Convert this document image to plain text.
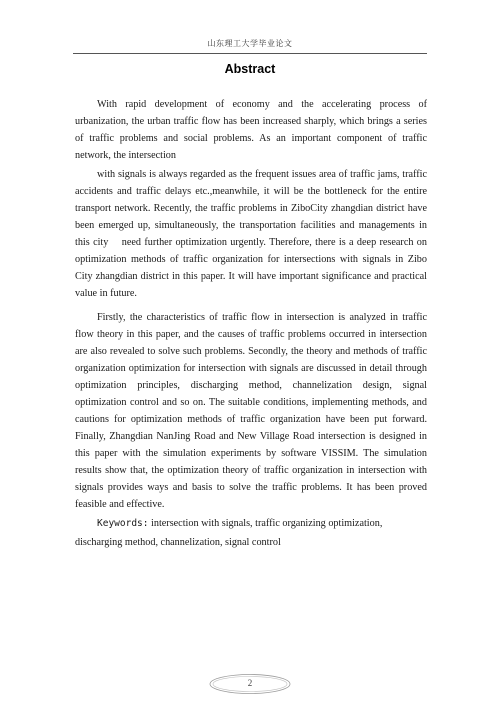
山东理工大学毕业论文
Abstract

With rapid development of economy and the accelerating process of urbanization, the urban traffic flow has been increased sharply, which brings a series of traffic problems and social problems. As an important component of traffic network, the intersection

with signals is always regarded as the frequent issues area of traffic jams, traffic accidents and traffic delays etc.,meanwhile, it will be the bottleneck for the entire transport network. Recently, the traffic problems in ZiboCity zhangdian district have been emerged up, simultaneously, the transportation facilities and managements in this city    need further optimization urgently. Therefore, there is a deep research on optimization methods of traffic organization for intersections with signals in Zibo City zhangdian district in this paper. It will have important significance and practical value in future.

Firstly, the characteristics of traffic flow in intersection is analyzed in traffic flow theory in this paper, and the causes of traffic problems occurred in intersection are also revealed to solve such problems. Secondly, the theory and methods of traffic organization optimization for intersection with signals are discussed in detail through optimization principles, discharging method, channelization design, signal optimization control and so on. The suitable conditions, implementing methods, and cautions for optimization methods of traffic organization have been put forward. Finally, Zhangdian NanJing Road and New Village Road intersection is designed in this paper with the simulation experiments by software VISSIM. The simulation results show that, the optimization theory of traffic organization in intersection with signals provides ways and basis to solve the traffic problems. It has been proved feasible and effective.

Keywords: intersection with signals, traffic organizing optimization, discharging method, channelization, signal control
2
